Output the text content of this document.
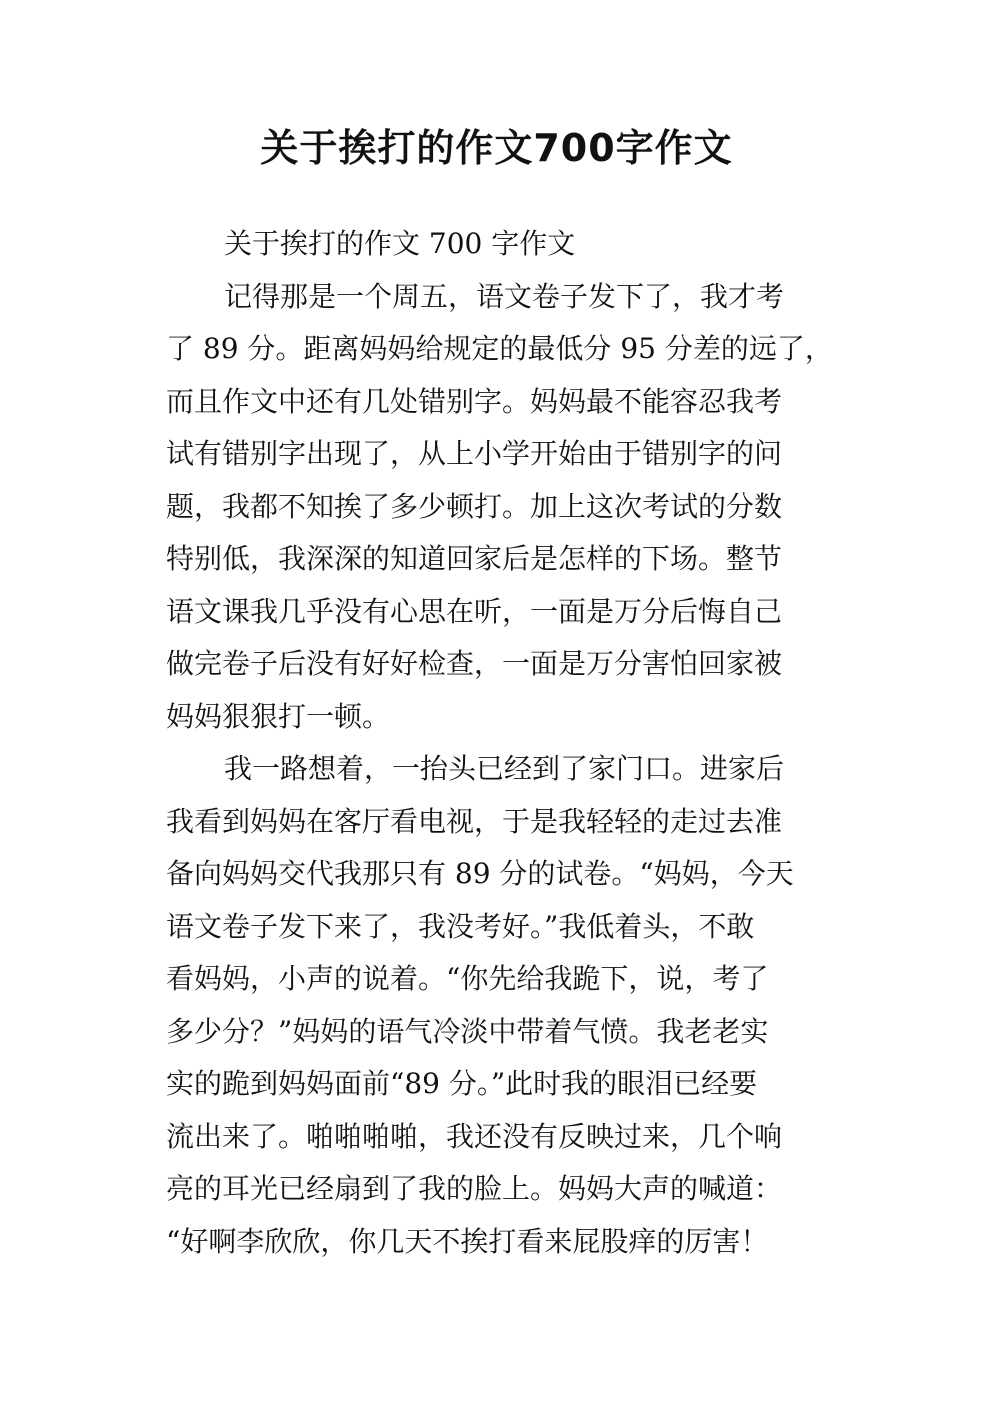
关于挨打的作文700字作文
关于挨打的作文 700 字作文
记得那是一个周五，语文卷子发下了，我才考
了 89 分。距离妈妈给规定的最低分 95 分差的远了，
而且作文中还有几处错别字。妈妈最不能容忍我考
试有错别字出现了，从上小学开始由于错别字的问
题，我都不知挨了多少顿打。加上这次考试的分数
特别低，我深深的知道回家后是怎样的下场。整节
语文课我几乎没有心思在听，一面是万分后悔自己
做完卷子后没有好好检查，一面是万分害怕回家被
妈妈狠狠打一顿。
我一路想着，一抬头已经到了家门口。进家后
我看到妈妈在客厅看电视，于是我轻轻的走过去准
备向妈妈交代我那只有 89 分的试卷。“妈妈，今天
语文卷子发下来了，我没考好。”我低着头，不敢
看妈妈，小声的说着。“你先给我跪下，说，考了
多少分？”妈妈的语气冷淡中带着气愤。我老老实
实的跪到妈妈面前“89 分。”此时我的眼泪已经要
流出来了。啪啪啪啪，我还没有反映过来，几个响
亮的耳光已经扇到了我的脸上。妈妈大声的喊道：
“好啊李欣欣，你几天不挨打看来屁股痒的厉害！
